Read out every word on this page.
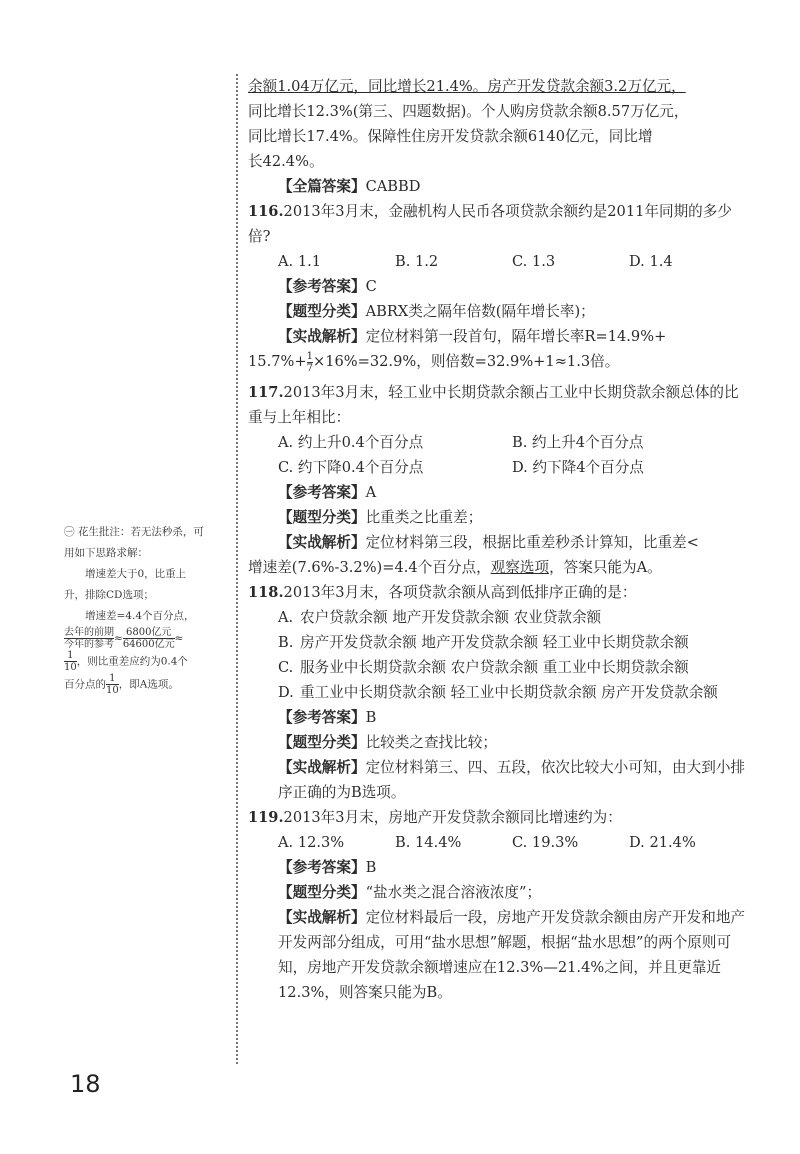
余额1.04万亿元，同比增长21.4%。房产开发贷款余额3.2万亿元，

同比增长12.3%(第三、四题数据)。个人购房贷款余额8.57万亿元，

同比增长17.4%。保障性住房开发贷款余额6140亿元，同比增

长42.4%。

【全篇答案】CABBD
116.2013年3月末，金融机构人民币各项贷款余额约是2011年同期的多少倍?
A. 1.1	B. 1.2	C. 1.3	D. 1.4
【参考答案】C
【题型分类】ABRX类之隔年倍数(隔年增长率)；
【实战解析】定位材料第一段首句，隔年增长率R=14.9%+

$15.7\%+ \frac{1}{7} \times 16\%=32.9\%$，则倍数=32.9%+1≈1.3倍。

117.2013年3月末，轻工业中长期贷款余额占工业中长期贷款余额总体的比重与上年相比：
A. 约上升0.4个百分点	B. 约上升4个百分点
C. 约下降0.4个百分点	D. 约下降4个百分点
【参考答案】A
【题型分类】比重类之比重差；
【实战解析】定位材料第三段，根据比重差秒杀计算知，比重差<

增速差(7.6%-3.2%)=4.4个百分点，观察选项，答案只能为A。

118.2013年3月末，各项贷款余额从高到低排序正确的是：
A. 农户贷款余额 地产开发贷款余额 农业贷款余额
B. 房产开发贷款余额 地产开发贷款余额 轻工业中长期贷款余额
C. 服务业中长期贷款余额 农户贷款余额 重工业中长期贷款余额
D. 重工业中长期贷款余额 轻工业中长期贷款余额 房产开发贷款余额
【参考答案】B
【题型分类】比较类之查找比较；
【实战解析】定位材料第三、四、五段，依次比较大小可知，由大到小排序正确的为B选项。
119.2013年3月末，房地产开发贷款余额同比增速约为：
A. 12.3%	B. 14.4%	C. 19.3%	D. 21.4%
【参考答案】B
【题型分类】“盐水类之混合溶液浓度”；
【实战解析】定位材料最后一段，房地产开发贷款余额由房产开发和地产开发两部分组成，可用“盐水思想”解题，根据“盐水思想”的两个原则可知，房地产开发贷款余额增速应在12.3%—21.4%之间，并且更靠近12.3%，则答案只能为B。

㊀ 花生批注：若无法秒杀，可

用如下思路求解：

增速差大于0，比重上

升，排除CD选项；

增速差=4.4个百分点，

$\frac{\text{去年的前期}}{\text{今年的参考}} \approx \frac{\text{6800亿元}}{\text{64600亿元}}$ ≈

$\frac{1}{10}$ ，则比重差应约为0.4个

百分点的 $\frac{1}{10}$ ，即A选项。

18
